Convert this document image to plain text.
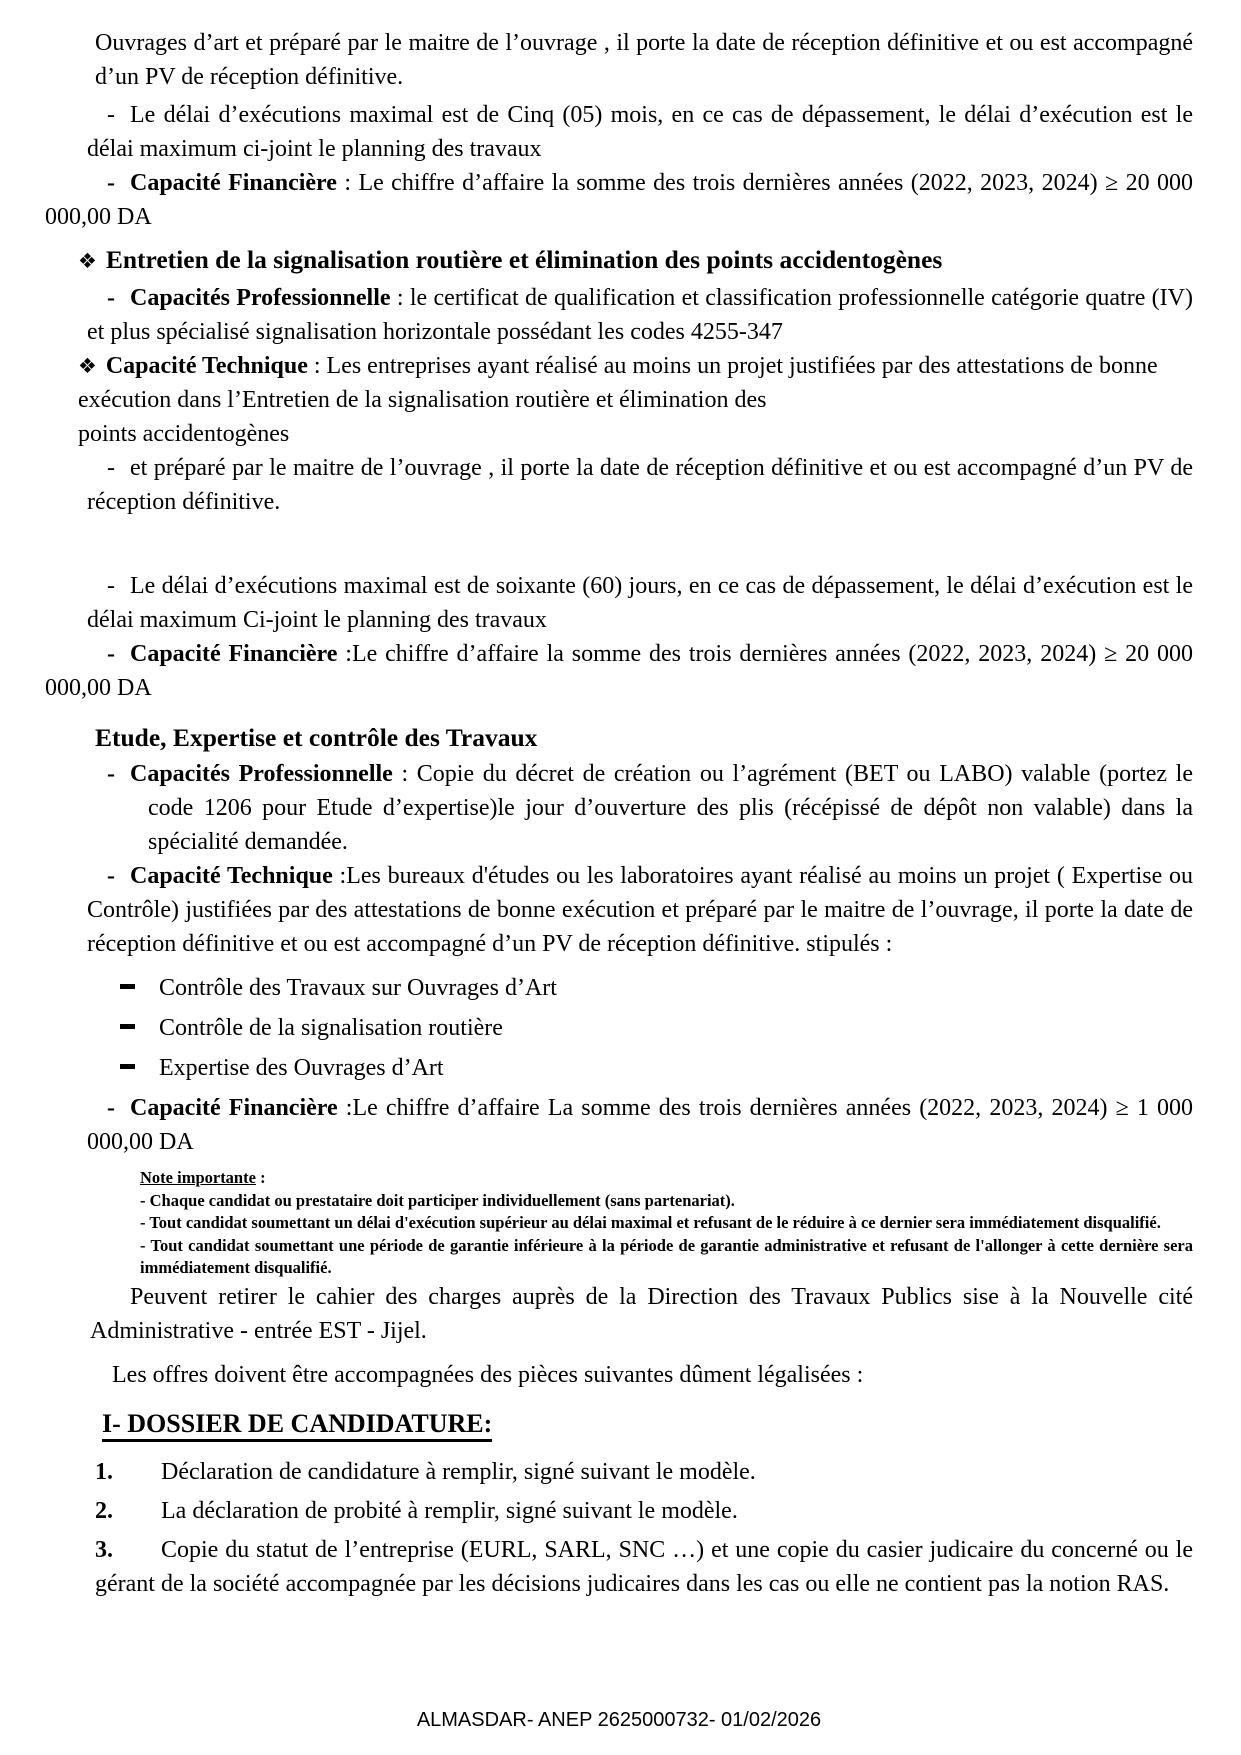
Ouvrages d’art et préparé par le maitre de l’ouvrage , il porte la date de réception définitive et ou est accompagné d’un PV de réception définitive.

- Le délai d’exécutions maximal est de Cinq (05) mois, en ce cas de dépassement, le délai d’exécution est le délai maximum ci-joint le planning des travaux

- Capacité Financière : Le chiffre d’affaire la somme des trois dernières années (2022, 2023, 2024) ≥ 20 000 000,00 DA

❖ Entretien de la signalisation routière et élimination des points accidentogènes

- Capacités Professionnelle : le certificat de qualification et classification professionnelle catégorie quatre (IV) et plus spécialisé signalisation horizontale possédant les codes 4255-347

❖ Capacité Technique : Les entreprises ayant réalisé au moins un projet justifiées par des attestations de bonne exécution dans l’Entretien de la signalisation routière et élimination des
points accidentogènes

- et préparé par le maitre de l’ouvrage , il porte la date de réception définitive et ou est accompagné d’un PV de réception définitive.

- Le délai d’exécutions maximal est de soixante (60) jours, en ce cas de dépassement, le délai d’exécution est le délai maximum Ci-joint le planning des travaux

- Capacité Financière :Le chiffre d’affaire la somme des trois dernières années (2022, 2023, 2024) ≥ 20 000 000,00 DA

Etude, Expertise et contrôle des Travaux

- Capacités Professionnelle : Copie du décret de création ou l’agrément (BET ou LABO) valable (portez le code 1206 pour Etude d’expertise)le jour d’ouverture des plis (récépissé de dépôt non valable) dans la spécialité demandée.

- Capacité Technique :Les bureaux d'études ou les laboratoires ayant réalisé au moins un projet ( Expertise ou Contrôle) justifiées par des attestations de bonne exécution et préparé par le maitre de l’ouvrage, il porte la date de réception définitive et ou est accompagné d’un PV de réception définitive. stipulés :

Contrôle des Travaux sur Ouvrages d’Art
Contrôle de la signalisation routière
Expertise des Ouvrages d’Art

- Capacité Financière :Le chiffre d’affaire La somme des trois dernières années (2022, 2023, 2024) ≥ 1 000 000,00 DA

Note importante :
- Chaque candidat ou prestataire doit participer individuellement (sans partenariat).
- Tout candidat soumettant un délai d'exécution supérieur au délai maximal et refusant de le réduire à ce dernier sera immédiatement disqualifié.
- Tout candidat soumettant une période de garantie inférieure à la période de garantie administrative et refusant de l'allonger à cette dernière sera immédiatement disqualifié.

Peuvent retirer le cahier des charges auprès de la Direction des Travaux Publics sise à la Nouvelle cité Administrative - entrée EST - Jijel.

Les offres doivent être accompagnées des pièces suivantes dûment légalisées :

I- DOSSIER DE CANDIDATURE:

1. Déclaration de candidature à remplir, signé suivant le modèle.

2. La déclaration de probité à remplir, signé suivant le modèle.

3. Copie du statut de l’entreprise (EURL, SARL, SNC …) et une copie du casier judicaire du concerné ou le gérant de la société accompagnée par les décisions judicaires dans les cas ou elle ne contient pas la notion RAS.

ALMASDAR- ANEP 2625000732- 01/02/2026
